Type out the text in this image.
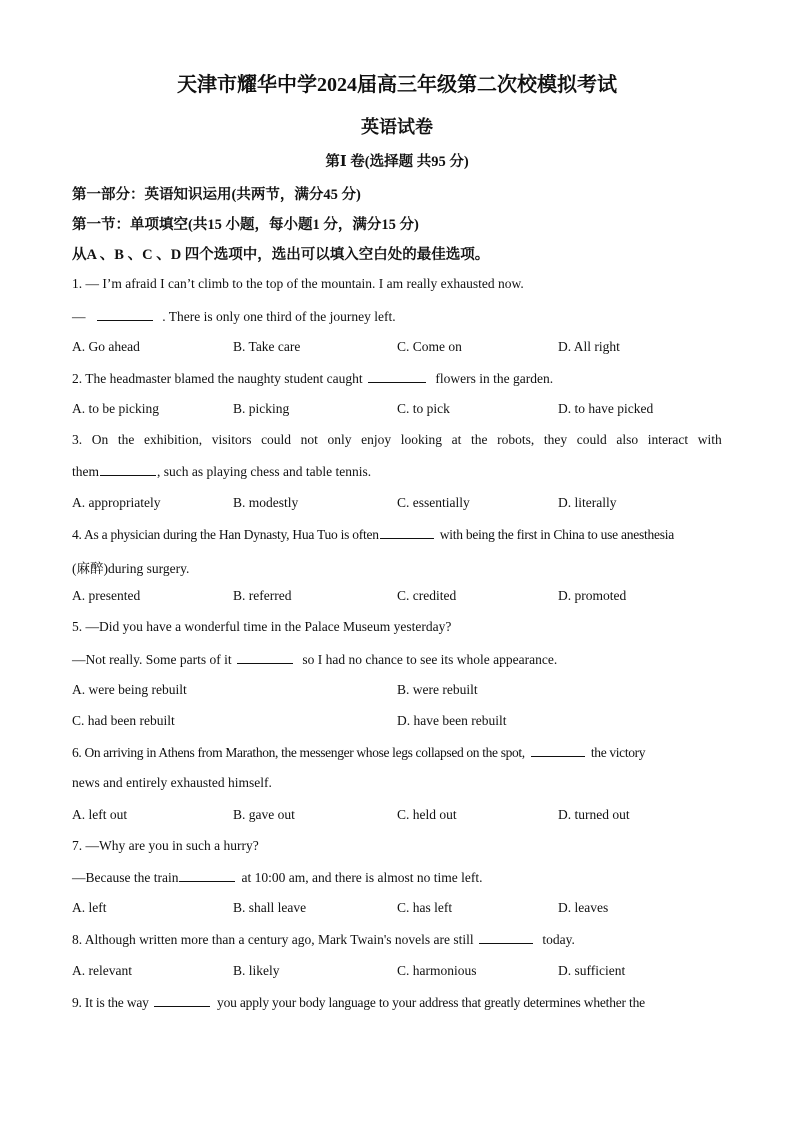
天津市耀华中学2024届高三年级第二次校模拟考试
英语试卷
第Ⅰ 卷(选择题 共95 分)
第一部分：英语知识运用(共两节，满分45 分)
第一节：单项填空(共15 小题，每小题1 分，满分15 分)
从A 、B 、C 、D 四个选项中，选出可以填入空白处的最佳选项。
1. — I’m afraid I can’t climb to the top of the mountain. I am really exhausted now.
—	. There is only one third of the journey left.
A. Go ahead	B. Take care	C. Come on	D. All right
2. The headmaster blamed the naughty student caught	flowers in the garden.
A. to be picking	B. picking	C. to pick	D. to have picked
3. On the exhibition, visitors could not only enjoy looking at the robots, they could also interact with
them	, such as playing chess and table tennis.
A. appropriately	B. modestly	C. essentially	D. literally
4. As a physician during the Han Dynasty, Hua Tuo is often	with being the first in China to use anesthesia
(麻醉)during surgery.
A. presented	B. referred	C. credited	D. promoted
5. —Did you have a wonderful time in the Palace Museum yesterday?
—Not really. Some parts of it	so I had no chance to see its whole appearance.
A. were being rebuilt	B. were rebuilt
C. had been rebuilt	D. have been rebuilt
6. On arriving in Athens from Marathon, the messenger whose legs collapsed on the spot,	the victory
news and entirely exhausted himself.
A. left out	B. gave out	C. held out	D. turned out
7. —Why are you in such a hurry?
—Because the train	at 10:00 am, and there is almost no time left.
A. left	B. shall leave	C. has left	D. leaves
8. Although written more than a century ago, Mark Twain's novels are still	today.
A. relevant	B. likely	C. harmonious	D. sufficient
9. It is the way	you apply your body language to your address that greatly determines whether the
